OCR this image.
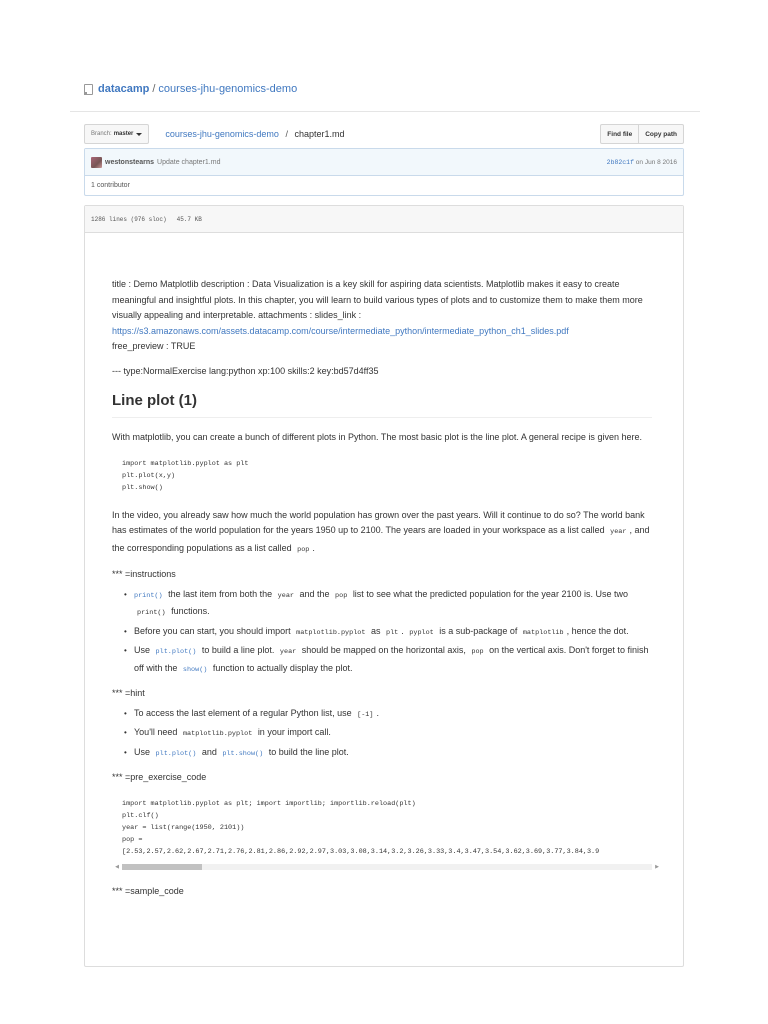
datacamp / courses-jhu-genomics-demo
Branch: master	courses-jhu-genomics-demo / chapter1.md	Find file	Copy path
westonstearns Update chapter1.md	2b82c1f on Jun 8 2016
1 contributor
1286 lines (976 sloc) 45.7 KB

title : Demo Matplotlib description : Data Visualization is a key skill for aspiring data scientists. Matplotlib makes it easy to create meaningful and insightful plots. In this chapter, you will learn to build various types of plots and to customize them to make them more visually appealing and interpretable. attachments : slides_link :
https://s3.amazonaws.com/assets.datacamp.com/course/intermediate_python/intermediate_python_ch1_slides.pdf
free_preview : TRUE

--- type:NormalExercise lang:python xp:100 skills:2 key:bd57d4ff35

Line plot (1)

With matplotlib, you can create a bunch of different plots in Python. The most basic plot is the line plot. A general recipe is given here.

import matplotlib.pyplot as plt
plt.plot(x,y)
plt.show()

In the video, you already saw how much the world population has grown over the past years. Will it continue to do so? The world bank has estimates of the world population for the years 1950 up to 2100. The years are loaded in your workspace as a list called year , and the corresponding populations as a list called pop .

*** =instructions

• print() the last item from both the year and the pop list to see what the predicted population for the year 2100 is. Use two print() functions.
• Before you can start, you should import matplotlib.pyplot as plt . pyplot is a sub-package of matplotlib , hence the dot.
• Use plt.plot() to build a line plot. year should be mapped on the horizontal axis, pop on the vertical axis. Don't forget to finish off with the show() function to actually display the plot.

*** =hint

• To access the last element of a regular Python list, use [-1] .
• You'll need matplotlib.pyplot in your import call.
• Use plt.plot() and plt.show() to build the line plot.

*** =pre_exercise_code

import matplotlib.pyplot as plt; import importlib; importlib.reload(plt)
plt.clf()
year = list(range(1950, 2101))
pop =
[2.53,2.57,2.62,2.67,2.71,2.76,2.81,2.86,2.92,2.97,3.03,3.08,3.14,3.2,3.26,3.33,3.4,3.47,3.54,3.62,3.69,3.77,3.84,3.9
◀	▶

*** =sample_code
